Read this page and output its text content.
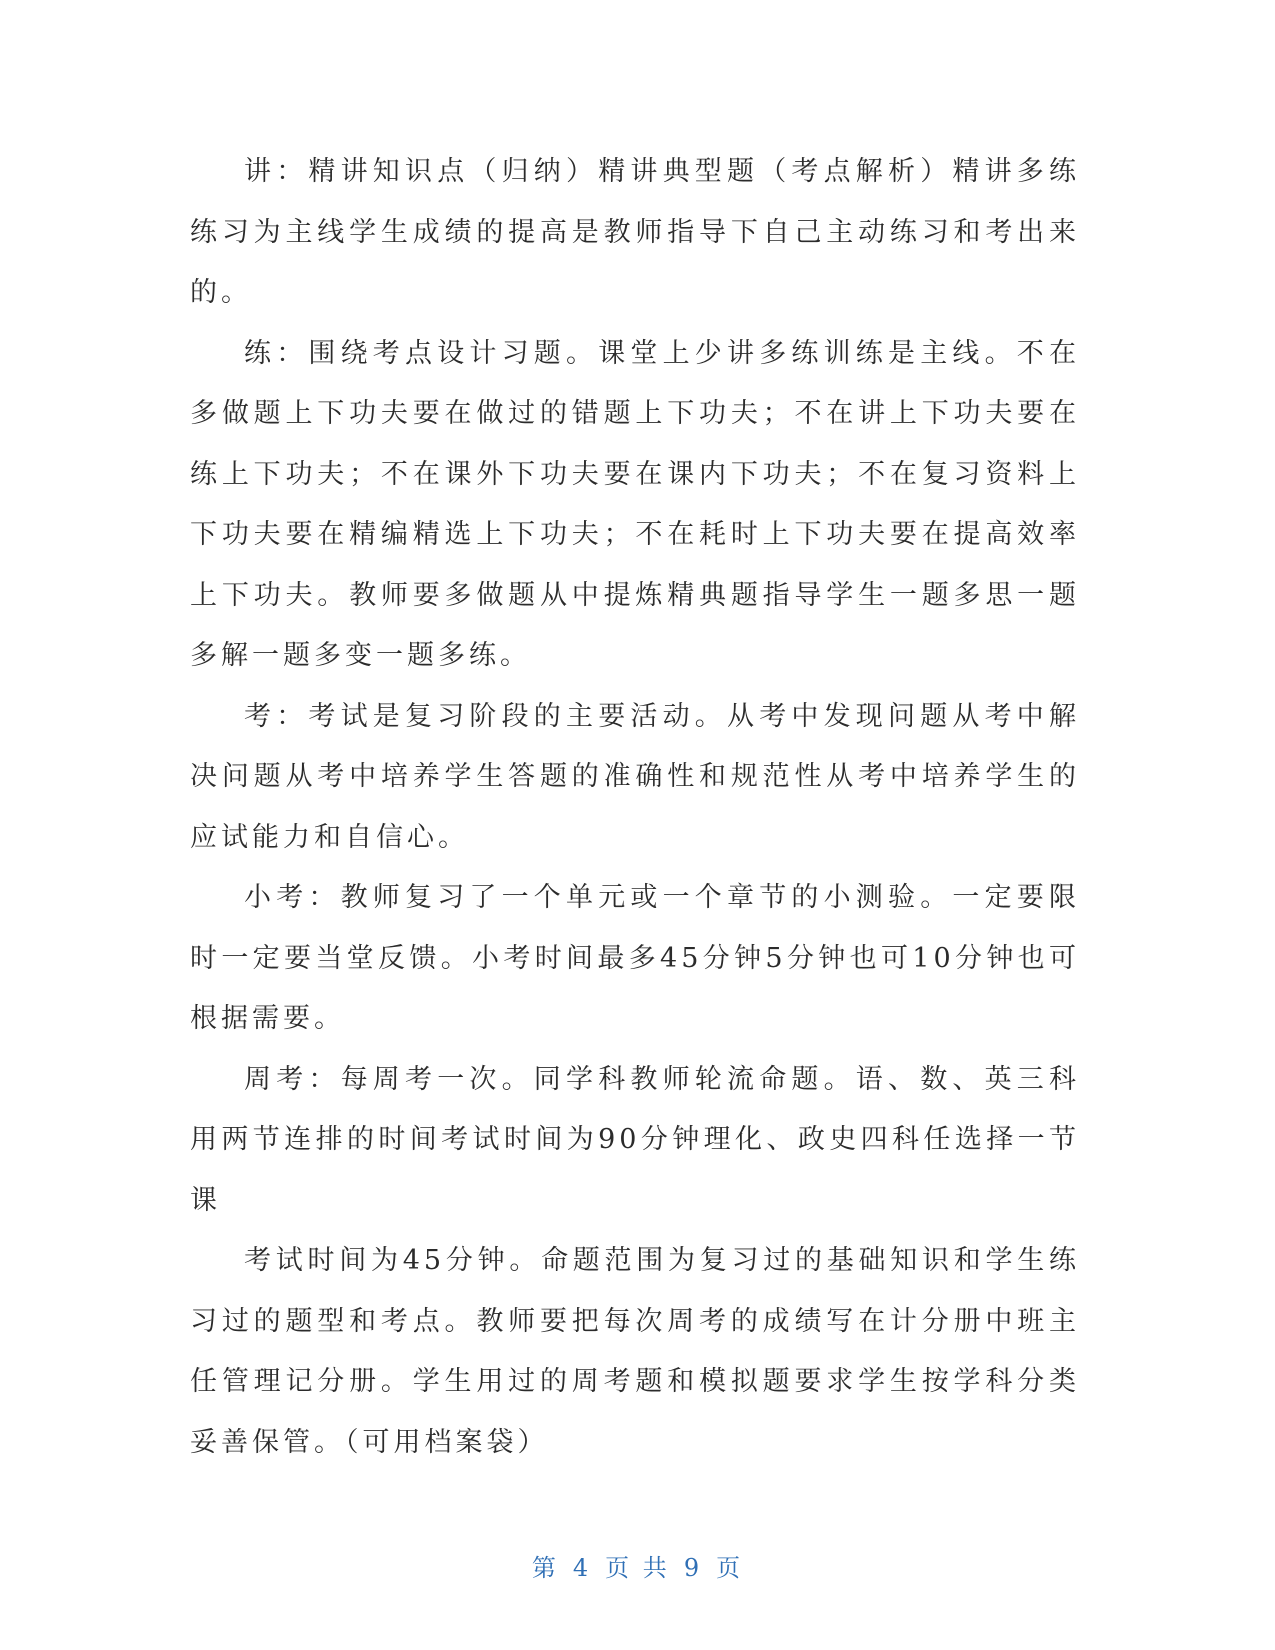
讲：精讲知识点（归纳）精讲典型题（考点解析）精讲多练练习为主线学生成绩的提高是教师指导下自己主动练习和考出来的。

练：围绕考点设计习题。课堂上少讲多练训练是主线。不在多做题上下功夫要在做过的错题上下功夫；不在讲上下功夫要在练上下功夫；不在课外下功夫要在课内下功夫；不在复习资料上下功夫要在精编精选上下功夫；不在耗时上下功夫要在提高效率上下功夫。教师要多做题从中提炼精典题指导学生一题多思一题多解一题多变一题多练。

考：考试是复习阶段的主要活动。从考中发现问题从考中解决问题从考中培养学生答题的准确性和规范性从考中培养学生的应试能力和自信心。

小考：教师复习了一个单元或一个章节的小测验。一定要限时一定要当堂反馈。小考时间最多45分钟5分钟也可10分钟也可根据需要。

周考：每周考一次。同学科教师轮流命题。语、数、英三科用两节连排的时间考试时间为90分钟理化、政史四科任选择一节课

考试时间为45分钟。命题范围为复习过的基础知识和学生练习过的题型和考点。教师要把每次周考的成绩写在计分册中班主任管理记分册。学生用过的周考题和模拟题要求学生按学科分类妥善保管。（可用档案袋）

第 4 页 共 9 页
